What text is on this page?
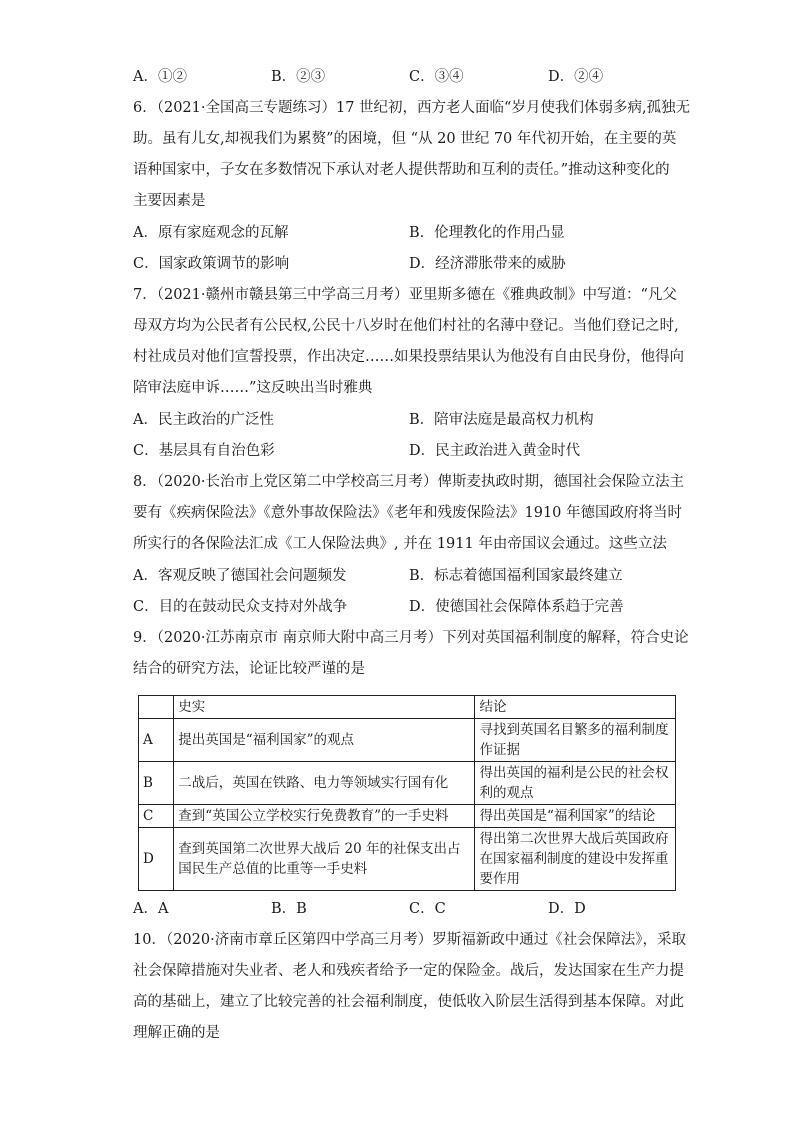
A．①②	B．②③	C．③④	D．②④
6．（2021·全国高三专题练习）17 世纪初，西方老人面临“岁月使我们体弱多病,孤独无
助。虽有儿女,却视我们为累赘”的困境，但 “从 20 世纪 70 年代初开始，在主要的英
语种国家中，子女在多数情况下承认对老人提供帮助和互利的责任。”推动这种变化的
主要因素是
A．原有家庭观念的瓦解	B．伦理教化的作用凸显
C．国家政策调节的影响	D．经济滞胀带来的威胁
7．（2021·赣州市赣县第三中学高三月考）亚里斯多德在《雅典政制》中写道：“凡父
母双方均为公民者有公民权,公民十八岁时在他们村社的名薄中登记。当他们登记之时,
村社成员对他们宣誓投票，作出决定……如果投票结果认为他没有自由民身份，他得向
陪审法庭申诉……”这反映出当时雅典
A．民主政治的广泛性	B．陪审法庭是最高权力机构
C．基层具有自治色彩	D．民主政治进入黄金时代
8．（2020·长治市上党区第二中学校高三月考）俾斯麦执政时期，德国社会保险立法主
要有《疾病保险法》《意外事故保险法》《老年和残废保险法》1910 年德国政府将当时
所实行的各保险法汇成《工人保险法典》, 并在 1911 年由帝国议会通过。这些立法
A．客观反映了德国社会问题频发	B．标志着德国福利国家最终建立
C．目的在鼓动民众支持对外战争	D．使德国社会保障体系趋于完善
9．（2020·江苏南京市 南京师大附中高三月考）下列对英国福利制度的解释，符合史论
结合的研究方法，论证比较严谨的是
	史实	结论
A	提出英国是“福利国家”的观点	寻找到英国名目繁多的福利制度作证据
B	二战后，英国在铁路、电力等领域实行国有化	得出英国的福利是公民的社会权利的观点
C	查到“英国公立学校实行免费教育”的一手史料	得出英国是“福利国家”的结论
D	查到英国第二次世界大战后 20 年的社保支出占国民生产总值的比重等一手史料	得出第二次世界大战后英国政府在国家福利制度的建设中发挥重要作用
A．A	B．B	C．C	D．D
10．（2020·济南市章丘区第四中学高三月考）罗斯福新政中通过《社会保障法》，采取
社会保障措施对失业者、老人和残疾者给予一定的保险金。战后，发达国家在生产力提
高的基础上，建立了比较完善的社会福利制度，使低收入阶层生活得到基本保障。对此
理解正确的是
